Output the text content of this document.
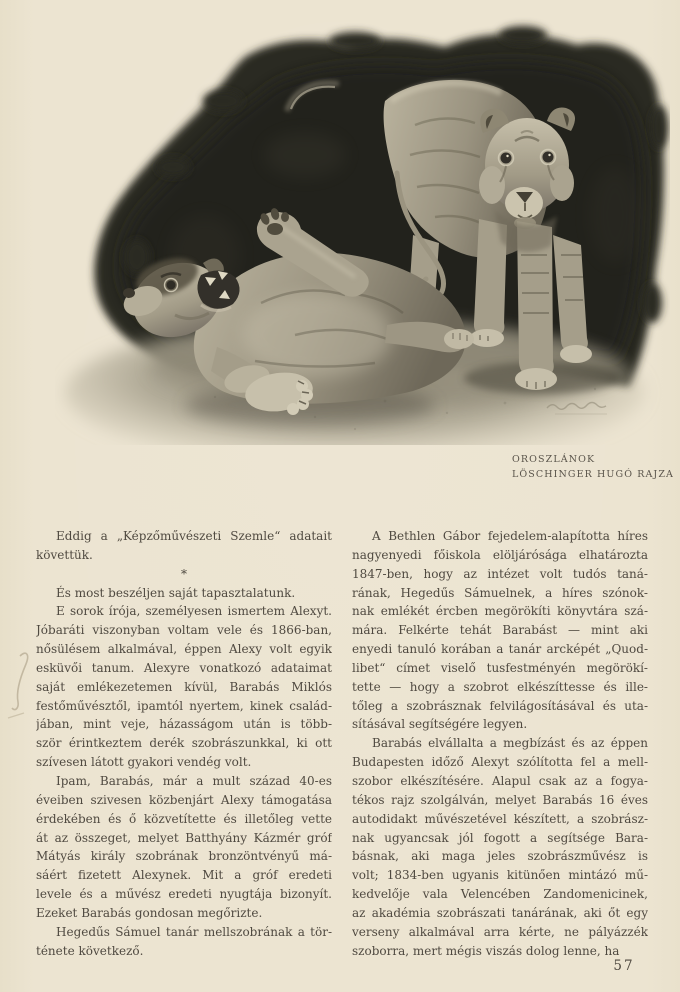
OROSZLÁNOK
LÖSCHINGER HUGÓ RAJZA
Eddig a „Képzőművészeti Szemle“ adatait
követtük.
*
És most beszéljen saját tapasztalatunk.
E sorok írója, személyesen ismertem Alexyt.
Jóbaráti viszonyban voltam vele és 1866-ban,
nősülésem alkalmával, éppen Alexy volt egyik
esküvői tanum. Alexyre vonatkozó adataimat
saját emlékezetemen kívül, Barabás Miklós
festőművésztől, ipamtól nyertem, kinek család-
jában, mint veje, házasságom után is több-
ször érintkeztem derék szobrászunkkal, ki ott
szívesen látott gyakori vendég volt.
Ipam, Barabás, már a mult század 40-es
éveiben szivesen közbenjárt Alexy támogatása
érdekében és ő közvetítette és illetőleg vette
át az összeget, melyet Batthyány Kázmér gróf
Mátyás király szobrának bronzöntvényű má-
sáért fizetett Alexynek. Mit a gróf eredeti
levele és a művész eredeti nyugtája bizonyít.
Ezeket Barabás gondosan megőrizte.
Hegedűs Sámuel tanár mellszobrának a tör-
ténete következő.
A Bethlen Gábor fejedelem-alapította híres
nagyenyedi főiskola elöljárósága elhatározta
1847-ben, hogy az intézet volt tudós taná-
rának, Hegedűs Sámuelnek, a híres szónok-
nak emlékét ércben megörökíti könyvtára szá-
mára. Felkérte tehát Barabást — mint aki
enyedi tanuló korában a tanár arcképét „Quod-
libet“ címet viselő tusfestményén megörökí-
tette — hogy a szobrot elkészíttesse és ille-
tőleg a szobrásznak felvilágosításával és uta-
sításával segítségére legyen.
Barabás elvállalta a megbízást és az éppen
Budapesten időző Alexyt szólította fel a mell-
szobor elkészítésére. Alapul csak az a fogya-
tékos rajz szolgálván, melyet Barabás 16 éves
autodidakt művészetével készített, a szobrász-
nak ugyancsak jól fogott a segítsége Bara-
básnak, aki maga jeles szobrászművész is
volt; 1834-ben ugyanis kitünően mintázó mű-
kedvelője vala Velencében Zandomenicinek,
az akadémia szobrászati tanárának, aki őt egy
verseny alkalmával arra kérte, ne pályázzék
szoborra, mert mégis viszás dolog lenne, ha
57
